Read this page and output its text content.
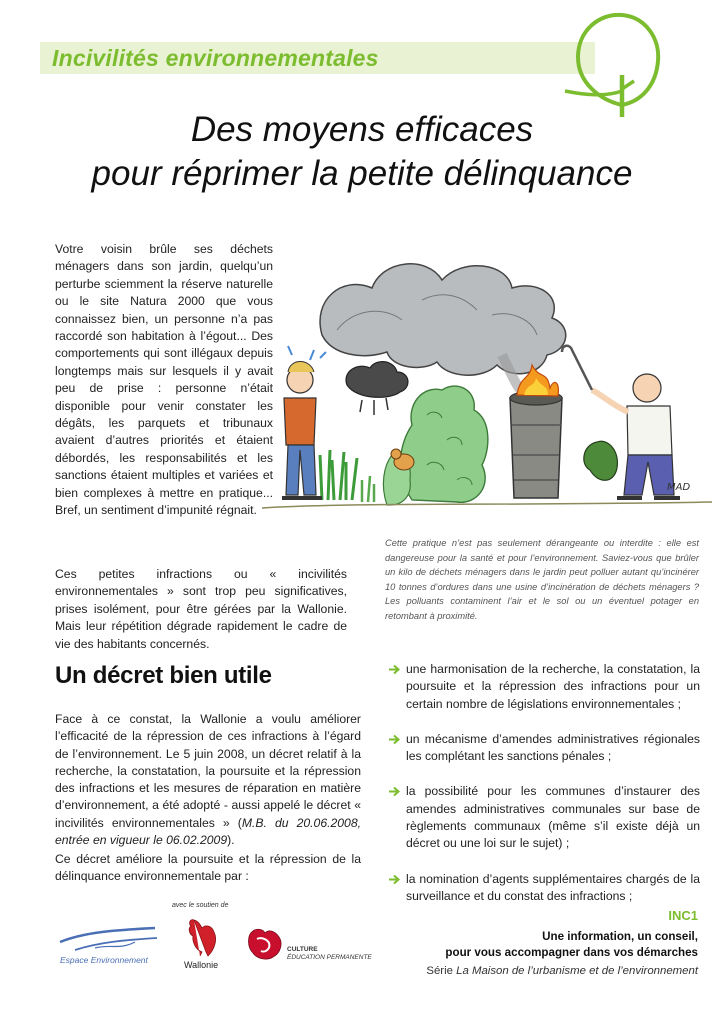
Incivilités environnementales
Des moyens efficaces
pour réprimer la petite délinquance
Votre voisin brûle ses déchets ménagers dans son jardin, quelqu’un perturbe sciemment la réserve naturelle ou le site Natura 2000 que vous connaissez bien, un personne n’a pas raccordé son habitation à l’égout... Des comportements qui sont illégaux depuis longtemps mais sur lesquels il y avait peu de prise : personne n’était disponible pour venir constater les dégâts, les parquets et tribunaux avaient d’autres priorités et étaient débordés, les responsabilités et les sanctions étaient multiples et variées et bien complexes à mettre en pratique... Bref, un sentiment d’impunité régnait.
Ces petites infractions ou « incivilités environnementales » sont trop peu significatives, prises isolément, pour être gérées par la Wallonie. Mais leur répétition dégrade rapidement le cadre de vie des habitants concernés.
MAD
Cette pratique n’est pas seulement dérangeante ou interdite : elle est dangereuse pour la santé et pour l’environnement. Saviez-vous que brûler un kilo de déchets ménagers dans le jardin peut polluer autant qu’incinérer 10 tonnes d’ordures dans une usine d’incinération de déchets ménagers ? Les polluants contaminent l’air et le sol ou un éventuel potager en retombant à proximité.
Un décret bien utile
Face à ce constat, la Wallonie a voulu améliorer l’efficacité de la répression de ces infractions à l’égard de l’environnement. Le 5 juin 2008, un décret relatif à la recherche, la constatation, la poursuite et la répression des infractions et les mesures de réparation en matière d’environnement, a été adopté - aussi appelé le décret « incivilités environnementales » (M.B. du 20.06.2008, entrée en vigueur le 06.02.2009).
Ce décret améliore la poursuite et la répression de la délinquance environnementale par :
une harmonisation de la recherche, la constatation, la poursuite et la répression des infractions pour un certain nombre de législations environnementales ;
un mécanisme d’amendes administratives régionales les complétant les sanctions pénales ;
la possibilité pour les communes d’instaurer des amendes administratives communales sur base de règlements communaux (même s’il existe déjà un décret ou une loi sur le sujet) ;
la nomination d’agents supplémentaires chargés de la surveillance et du constat des infractions ;
avec le soutien de
Espace Environnement	Wallonie
CULTURE
ÉDUCATION PERMANENTE
INC1
Une information, un conseil,
pour vous accompagner dans vos démarches
Série La Maison de l’urbanisme et de l’environnement
